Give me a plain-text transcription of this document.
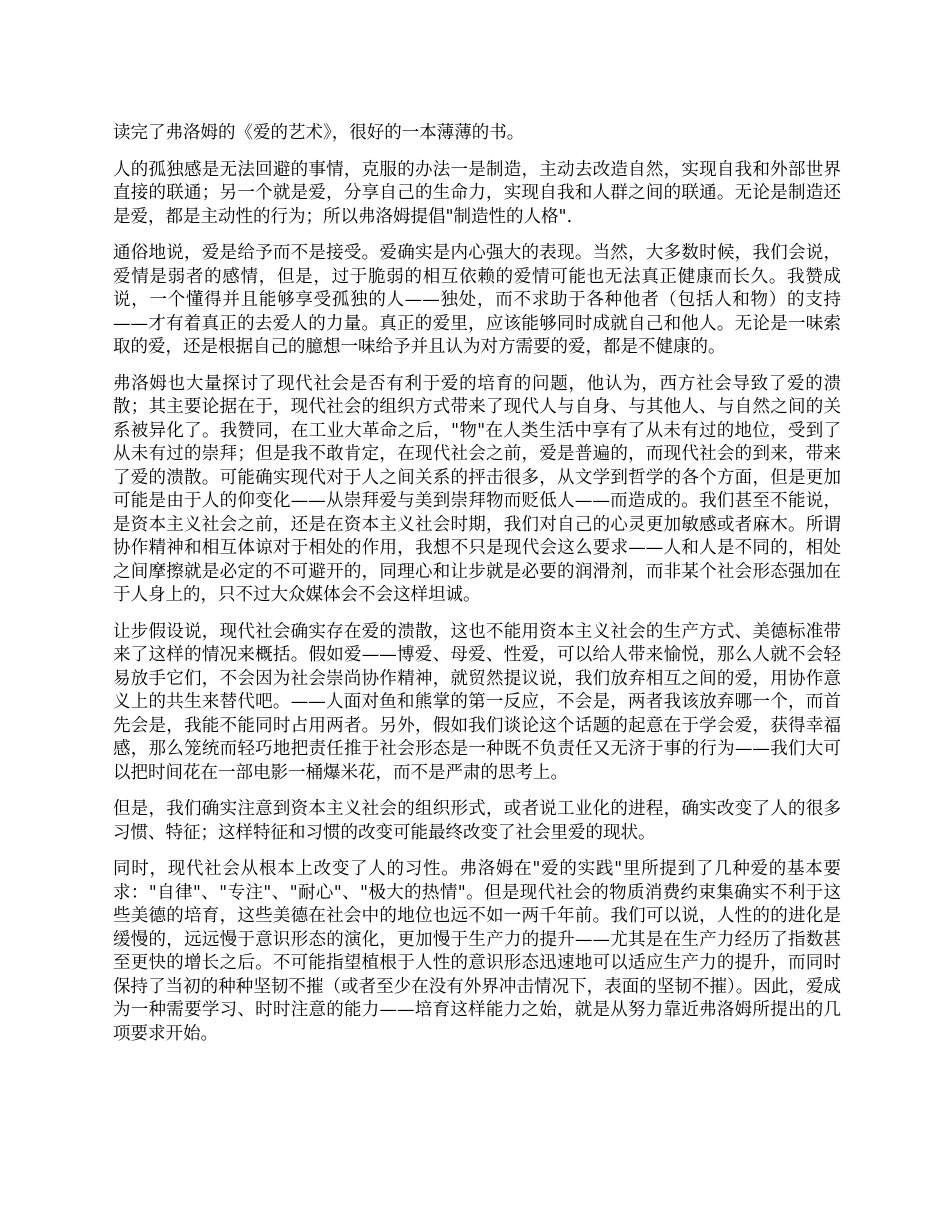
读完了弗洛姆的《爱的艺术》，很好的一本薄薄的书。

人的孤独感是无法回避的事情，克服的办法一是制造，主动去改造自然，实现自我和外部世界直接的联通；另一个就是爱，分享自己的生命力，实现自我和人群之间的联通。无论是制造还是爱，都是主动性的行为；所以弗洛姆提倡"制造性的人格".

通俗地说，爱是给予而不是接受。爱确实是内心强大的表现。当然，大多数时候，我们会说，爱情是弱者的感情，但是，过于脆弱的相互依赖的爱情可能也无法真正健康而长久。我赞成说，一个懂得并且能够享受孤独的人——独处，而不求助于各种他者（包括人和物）的支持——才有着真正的去爱人的力量。真正的爱里，应该能够同时成就自己和他人。无论是一味索取的爱，还是根据自己的臆想一味给予并且认为对方需要的爱，都是不健康的。

弗洛姆也大量探讨了现代社会是否有利于爱的培育的问题，他认为，西方社会导致了爱的溃散；其主要论据在于，现代社会的组织方式带来了现代人与自身、与其他人、与自然之间的关系被异化了。我赞同，在工业大革命之后，"物"在人类生活中享有了从未有过的地位，受到了从未有过的崇拜；但是我不敢肯定，在现代社会之前，爱是普遍的，而现代社会的到来，带来了爱的溃散。可能确实现代对于人之间关系的抨击很多，从文学到哲学的各个方面，但是更加可能是由于人的仰变化——从崇拜爱与美到崇拜物而贬低人——而造成的。我们甚至不能说，是资本主义社会之前，还是在资本主义社会时期，我们对自己的心灵更加敏感或者麻木。所谓协作精神和相互体谅对于相处的作用，我想不只是现代会这么要求——人和人是不同的，相处之间摩擦就是必定的不可避开的，同理心和让步就是必要的润滑剂，而非某个社会形态强加在于人身上的，只不过大众媒体会不会这样坦诚。

让步假设说，现代社会确实存在爱的溃散，这也不能用资本主义社会的生产方式、美德标准带来了这样的情况来概括。假如爱——博爱、母爱、性爱，可以给人带来愉悦，那么人就不会轻易放手它们，不会因为社会崇尚协作精神，就贸然提议说，我们放弃相互之间的爱，用协作意义上的共生来替代吧。——人面对鱼和熊掌的第一反应，不会是，两者我该放弃哪一个，而首先会是，我能不能同时占用两者。另外，假如我们谈论这个话题的起意在于学会爱，获得幸福感，那么笼统而轻巧地把责任推于社会形态是一种既不负责任又无济于事的行为——我们大可以把时间花在一部电影一桶爆米花，而不是严肃的思考上。

但是，我们确实注意到资本主义社会的组织形式，或者说工业化的进程，确实改变了人的很多习惯、特征；这样特征和习惯的改变可能最终改变了社会里爱的现状。

同时，现代社会从根本上改变了人的习性。弗洛姆在"爱的实践"里所提到了几种爱的基本要求："自律"、"专注"、"耐心"、"极大的热情"。但是现代社会的物质消费约束集确实不利于这些美德的培育，这些美德在社会中的地位也远不如一两千年前。我们可以说，人性的的进化是缓慢的，远远慢于意识形态的演化，更加慢于生产力的提升——尤其是在生产力经历了指数甚至更快的增长之后。不可能指望植根于人性的意识形态迅速地可以适应生产力的提升，而同时保持了当初的种种坚韧不摧（或者至少在没有外界冲击情况下，表面的坚韧不摧）。因此，爱成为一种需要学习、时时注意的能力——培育这样能力之始，就是从努力靠近弗洛姆所提出的几项要求开始。
